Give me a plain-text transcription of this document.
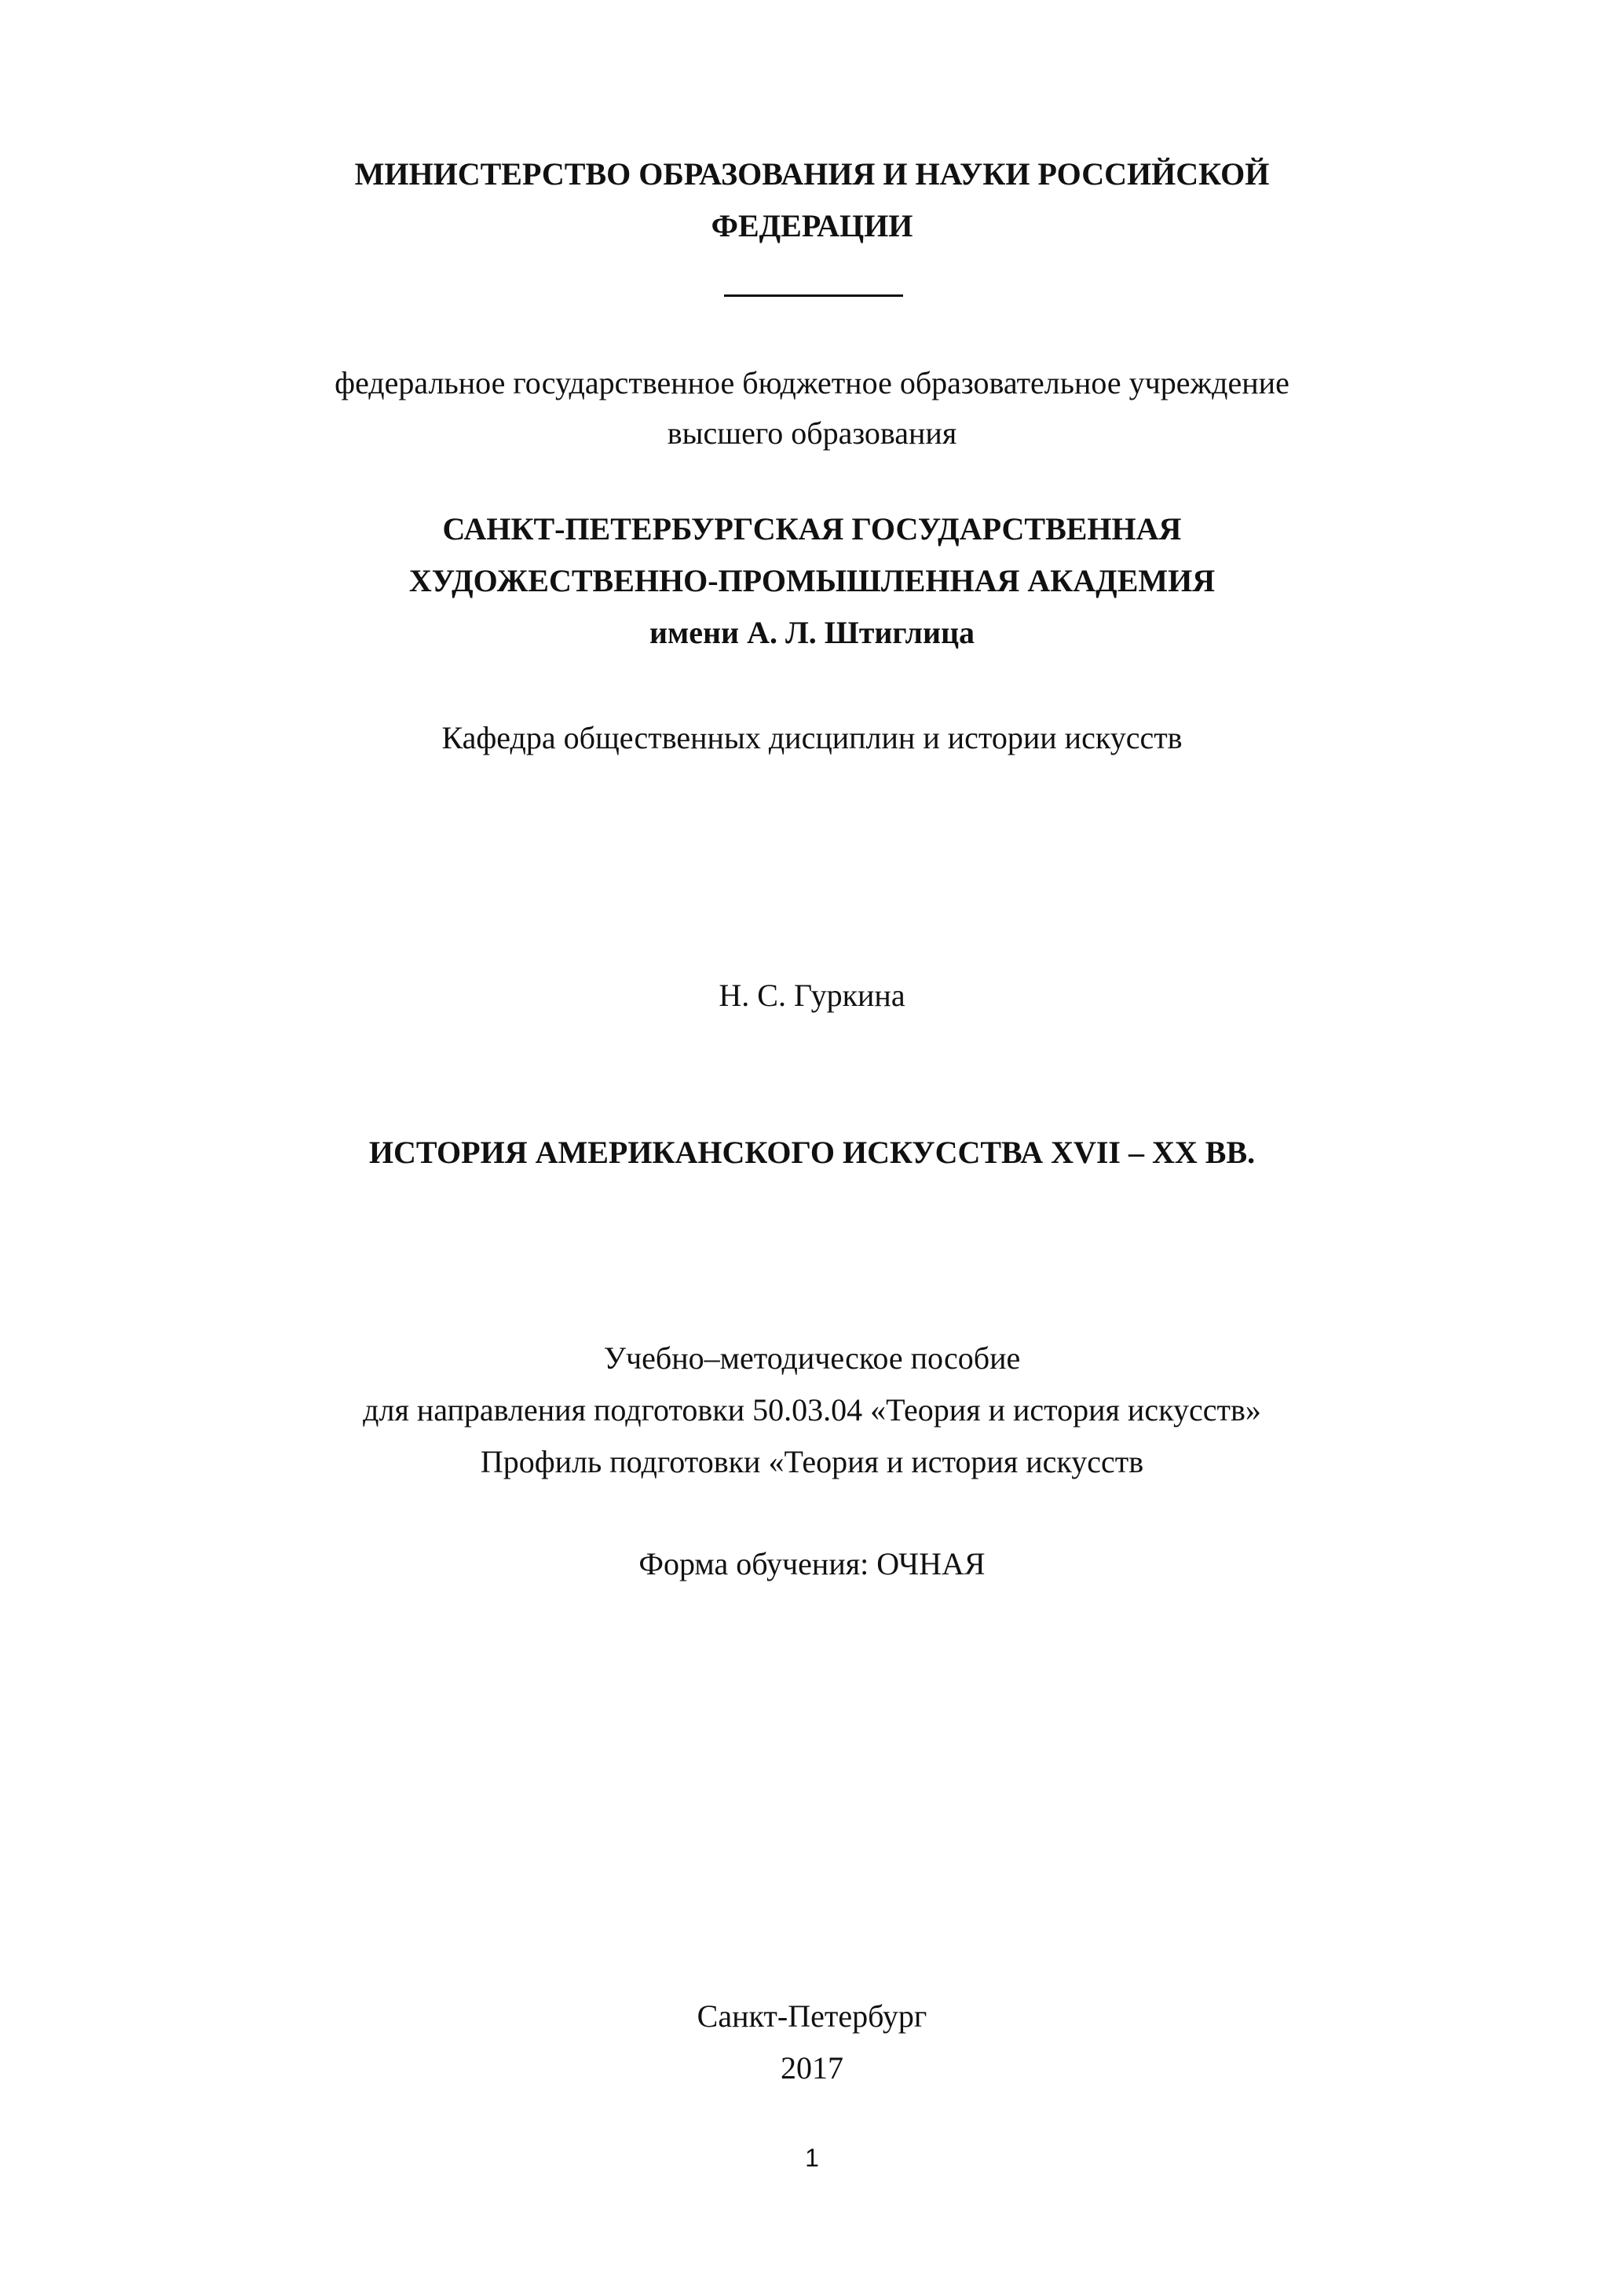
МИНИСТЕРСТВО ОБРАЗОВАНИЯ И НАУКИ РОССИЙСКОЙ
ФЕДЕРАЦИИ
федеральное государственное бюджетное образовательное учреждение
высшего образования
САНКТ-ПЕТЕРБУРГСКАЯ ГОСУДАРСТВЕННАЯ
ХУДОЖЕСТВЕННО-ПРОМЫШЛЕННАЯ АКАДЕМИЯ
имени А. Л. Штиглица
Кафедра общественных дисциплин и истории искусств
Н. С. Гуркина
ИСТОРИЯ АМЕРИКАНСКОГО ИСКУССТВА XVII – XX ВВ.
Учебно–методическое пособие
для направления подготовки 50.03.04 «Теория и история искусств»
Профиль подготовки «Теория и история искусств
Форма обучения: ОЧНАЯ
Санкт-Петербург
2017
1
